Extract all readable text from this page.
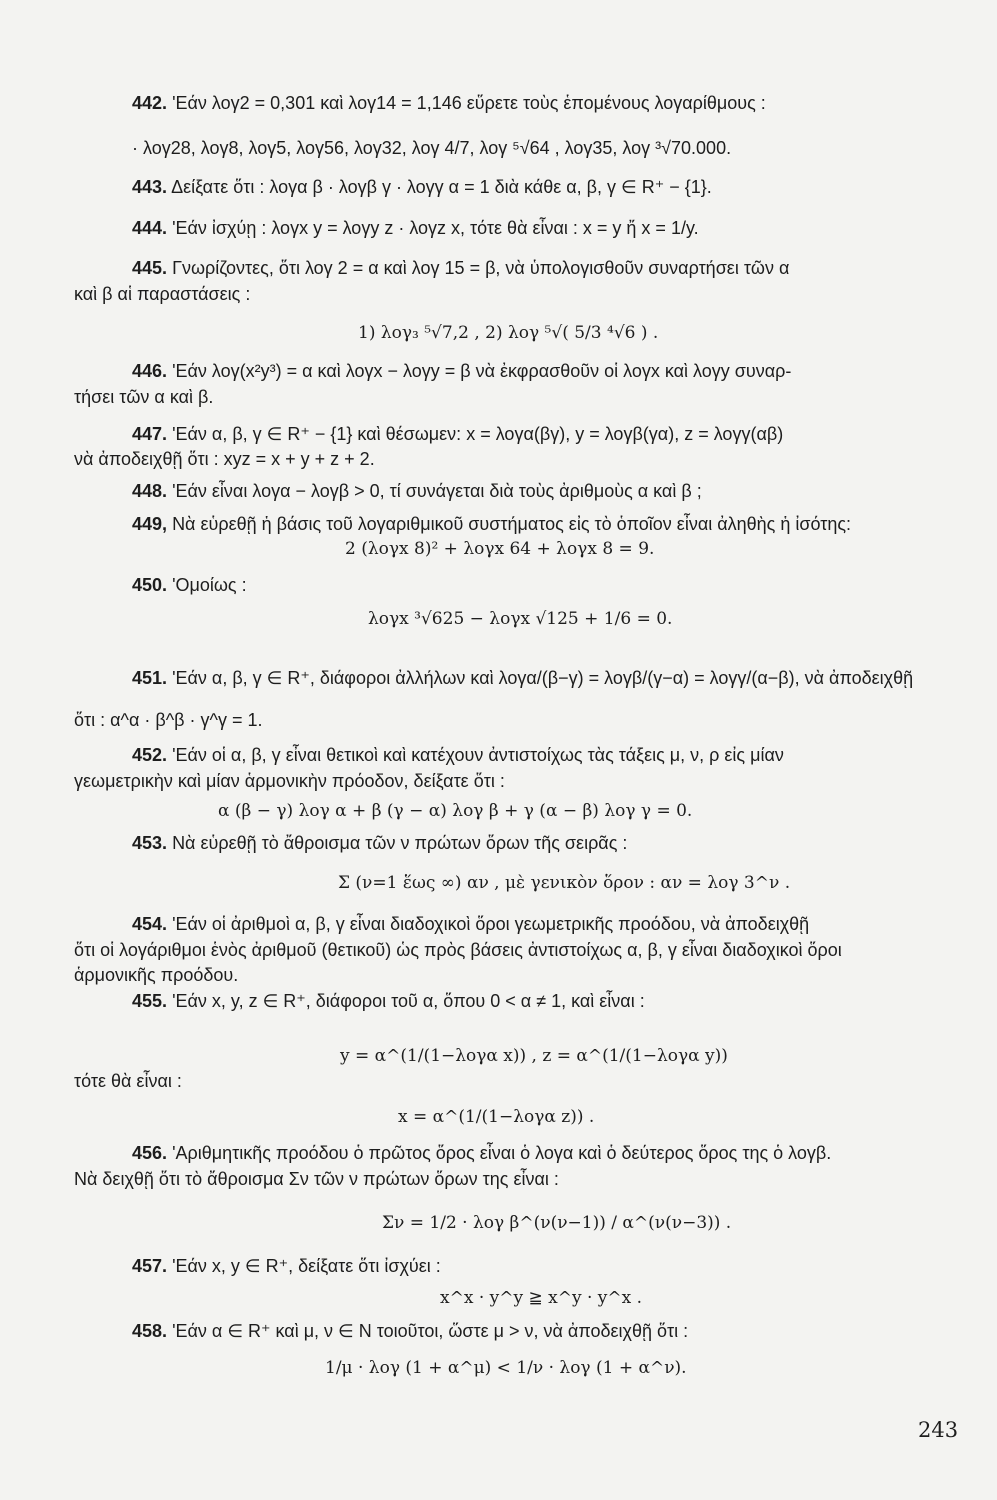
442. 'Εάν λογ2 = 0,301 καὶ λογ14 = 1,146 εὕρετε τοὺς ἑπομένους λογαρίθμους :
· λογ28, λογ8, λογ5, λογ56, λογ32, λογ 4/7, λογ ⁵√64 , λογ35, λογ ³√70.000.
443. Δείξατε ὅτι : λογα β · λογβ γ · λογγ α = 1 διὰ κάθε α, β, γ ∈ R⁺ − {1}.
444. 'Εάν ἰσχύῃ : λογx y = λογy z · λογz x, τότε θὰ εἶναι : x = y ἤ x = 1/y.
445. Γνωρίζοντες, ὅτι λογ 2 = α καὶ λογ 15 = β, νὰ ὑπολογισθοῦν συναρτήσει τῶν α
καὶ β αἱ παραστάσεις :
1) λογ₃ ⁵√7,2 , 2) λογ ⁵√( 5/3 ⁴√6 ) .
446. 'Εάν λογ(x²y³) = α καὶ λογx − λογy = β νὰ ἐκφρασθοῦν οἱ λογx καὶ λογy συναρ-
τήσει τῶν α καὶ β.
447. 'Εάν α, β, γ ∈ R⁺ − {1} καὶ θέσωμεν: x = λογα(βγ), y = λογβ(γα), z = λογγ(αβ)
νὰ ἀποδειχθῇ ὅτι : xyz = x + y + z + 2.
448. 'Εάν εἶναι λογα − λογβ > 0, τί συνάγεται διὰ τοὺς ἀριθμοὺς α καὶ β ;
449, Νὰ εὑρεθῇ ἡ βάσις τοῦ λογαριθμικοῦ συστήματος εἰς τὸ ὁποῖον εἶναι ἀληθὴς ἡ ἰσότης:
2 (λογx 8)² + λογx 64 + λογx 8 = 9.
450. 'Ομοίως :
λογx ³√625 − λογx √125 + 1/6 = 0.
451. 'Εάν α, β, γ ∈ R⁺, διάφοροι ἀλλήλων καὶ λογα/(β−γ) = λογβ/(γ−α) = λογγ/(α−β), νὰ ἀποδειχθῇ
ὅτι : α^α · β^β · γ^γ = 1.
452. 'Εάν οἱ α, β, γ εἶναι θετικοὶ καὶ κατέχουν ἀντιστοίχως τὰς τάξεις μ, ν, ρ εἰς μίαν
γεωμετρικὴν καὶ μίαν ἁρμονικὴν πρόοδον, δείξατε ὅτι :
α (β − γ) λογ α + β (γ − α) λογ β + γ (α − β) λογ γ = 0.
453. Νὰ εὑρεθῇ τὸ ἄθροισμα τῶν ν πρώτων ὅρων τῆς σειρᾶς :
Σ (ν=1 ἕως ∞) αν , μὲ γενικὸν ὅρον : αν = λογ 3^ν .
454. 'Εάν οἱ ἀριθμοὶ α, β, γ εἶναι διαδοχικοὶ ὅροι γεωμετρικῆς προόδου, νὰ ἀποδειχθῇ
ὅτι οἱ λογάριθμοι ἑνὸς ἀριθμοῦ (θετικοῦ) ὡς πρὸς βάσεις ἀντιστοίχως α, β, γ εἶναι διαδοχικοὶ ὅροι
ἁρμονικῆς προόδου.
455. 'Εάν x, y, z ∈ R⁺, διάφοροι τοῦ α, ὅπου 0 < α ≠ 1, καὶ εἶναι :
y = α^(1/(1−λογα x)) , z = α^(1/(1−λογα y))
τότε θὰ εἶναι :
x = α^(1/(1−λογα z)) .
456. 'Αριθμητικῆς προόδου ὁ πρῶτος ὅρος εἶναι ὁ λογα καὶ ὁ δεύτερος ὅρος της ὁ λογβ.
Νὰ δειχθῇ ὅτι τὸ ἄθροισμα Σν τῶν ν πρώτων ὅρων της εἶναι :
Σν = 1/2 · λογ β^(ν(ν−1)) / α^(ν(ν−3)) .
457. 'Εάν x, y ∈ R⁺, δείξατε ὅτι ἰσχύει :
x^x · y^y ≧ x^y · y^x .
458. 'Εάν α ∈ R⁺ καὶ μ, ν ∈ N τοιοῦτοι, ὥστε μ > ν, νὰ ἀποδειχθῇ ὅτι :
1/μ · λογ (1 + α^μ) < 1/ν · λογ (1 + α^ν).
243
